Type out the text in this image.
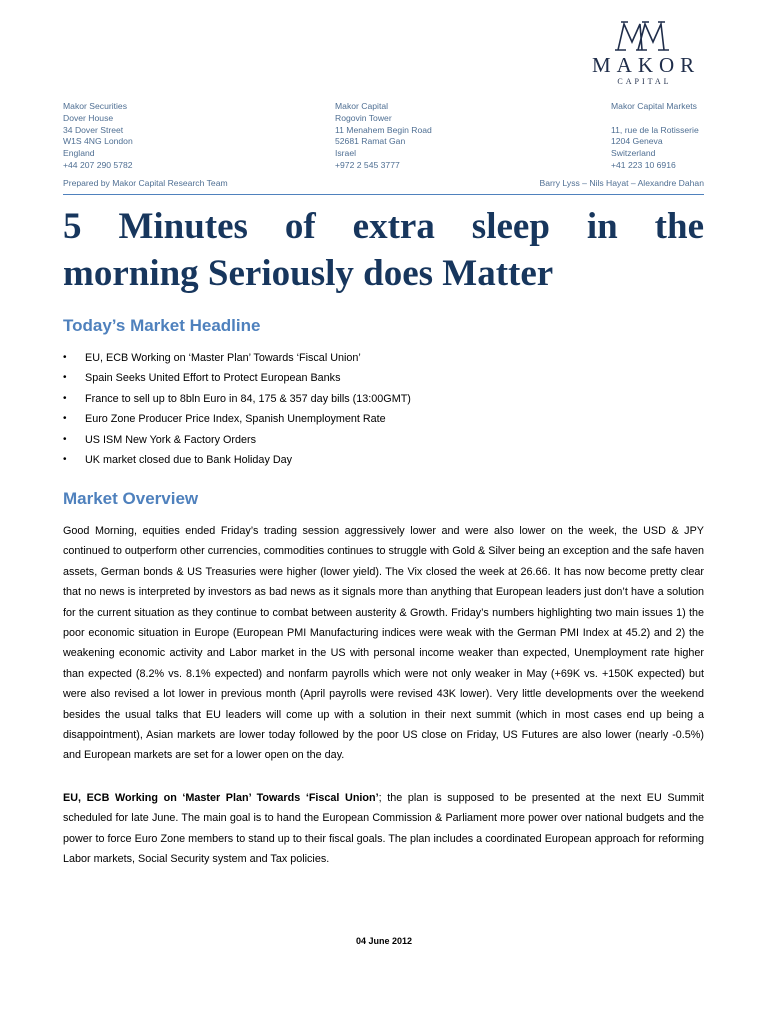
MAKOR
CAPITAL
Makor Securities
Dover House
34 Dover Street
W1S 4NG London
England
+44 207 290 5782
Makor Capital
Rogovin Tower
11 Menahem Begin Road
52681 Ramat Gan
Israel
+972 2 545 3777
Makor Capital Markets

11, rue de la Rotisserie
1204 Geneva
Switzerland
+41 223 10 6916
Prepared by Makor Capital Research Team	Barry Lyss – Nils Hayat – Alexandre Dahan
5 Minutes of extra sleep in the
morning Seriously does Matter
Today’s Market Headline
• EU, ECB Working on ‘Master Plan’ Towards ‘Fiscal Union’
• Spain Seeks United Effort to Protect European Banks
• France to sell up to 8bln Euro in 84, 175 & 357 day bills (13:00GMT)
• Euro Zone Producer Price Index, Spanish Unemployment Rate
• US ISM New York & Factory Orders
• UK market closed due to Bank Holiday Day
Market Overview

Good Morning, equities ended Friday’s trading session aggressively lower and were also lower on the week, the USD & JPY continued to outperform other currencies, commodities continues to struggle with Gold & Silver being an exception and the safe haven assets, German bonds & US Treasuries were higher (lower yield). The Vix closed the week at 26.66. It has now become pretty clear that no news is interpreted by investors as bad news as it signals more than anything that European leaders just don’t have a solution for the current situation as they continue to combat between austerity & Growth. Friday’s numbers highlighting two main issues 1) the poor economic situation in Europe (European PMI Manufacturing indices were weak with the German PMI Index at 45.2) and 2) the weakening economic activity and Labor market in the US with personal income weaker than expected, Unemployment rate higher than expected (8.2% vs. 8.1% expected) and nonfarm payrolls which were not only weaker in May (+69K vs. +150K expected) but were also revised a lot lower in previous month (April payrolls were revised 43K lower). Very little developments over the weekend besides the usual talks that EU leaders will come up with a solution in their next summit (which in most cases end up being a disappointment), Asian markets are lower today followed by the poor US close on Friday, US Futures are also lower (nearly -0.5%) and European markets are set for a lower open on the day.

EU, ECB Working on ‘Master Plan’ Towards ‘Fiscal Union’; the plan is supposed to be presented at the next EU Summit scheduled for late June. The main goal is to hand the European Commission & Parliament more power over national budgets and the power to force Euro Zone members to stand up to their fiscal goals. The plan includes a coordinated European approach for reforming Labor markets, Social Security system and Tax policies.

04 June 2012
